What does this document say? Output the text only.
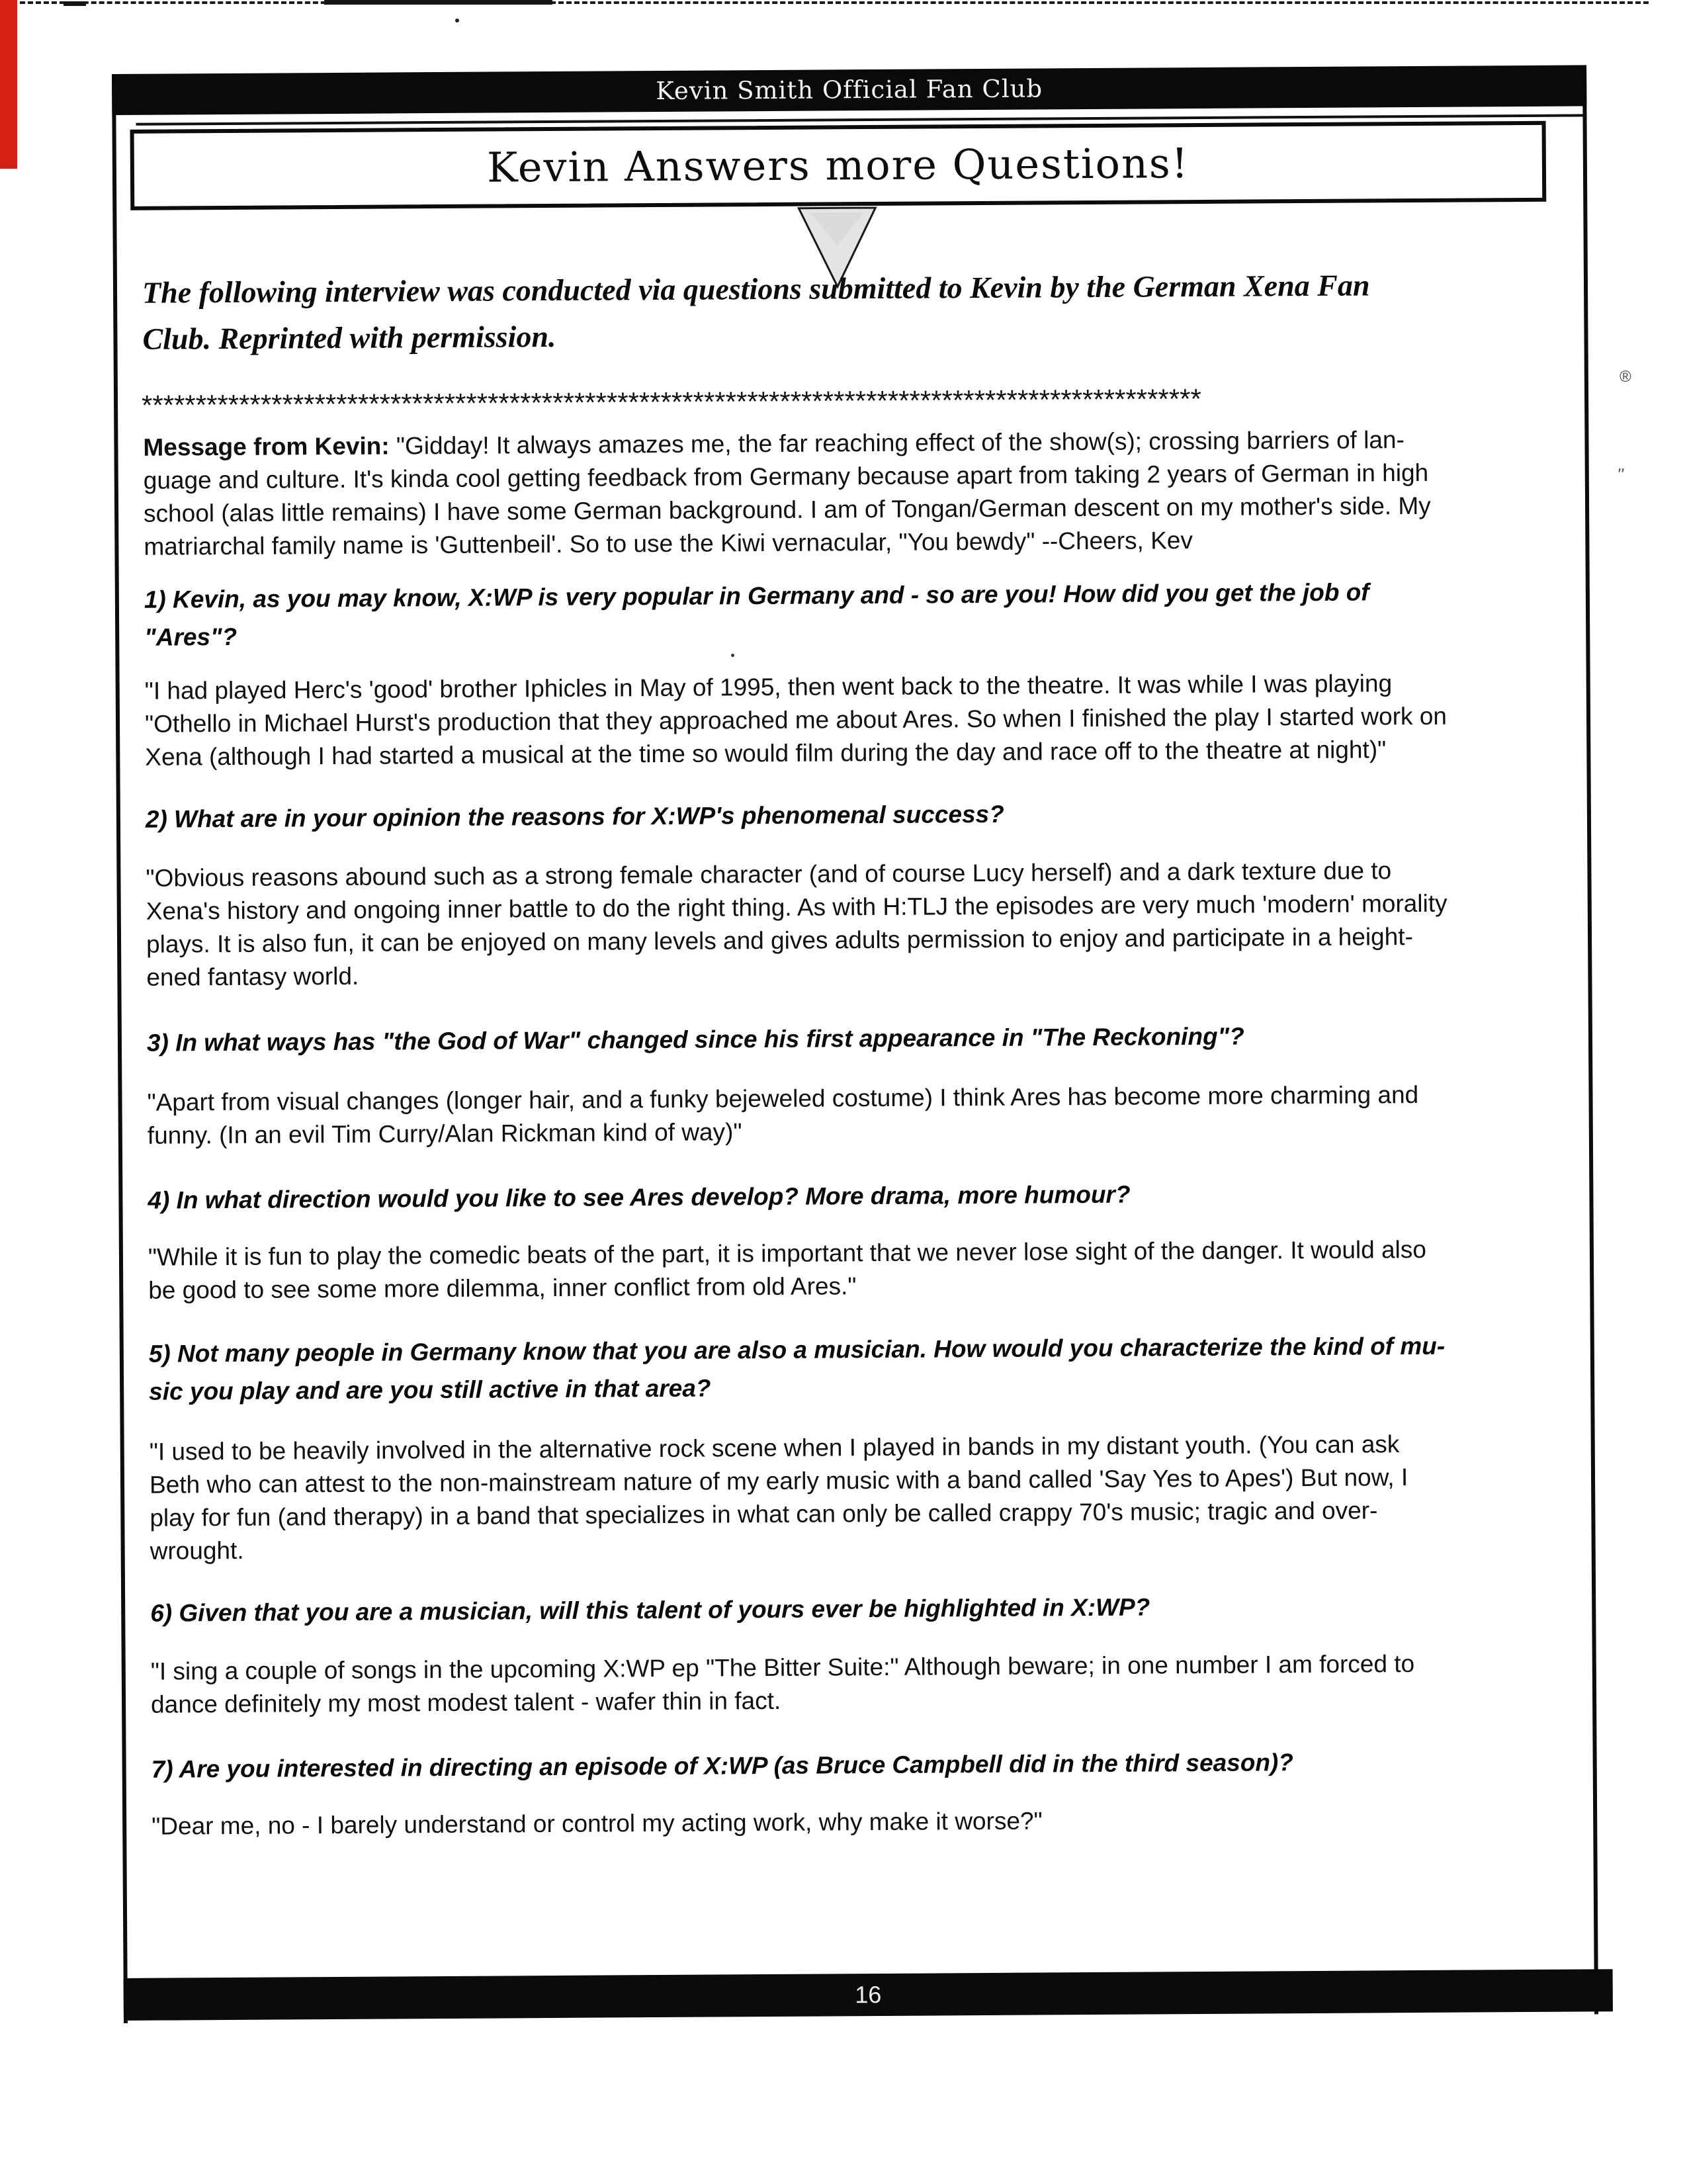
®
''
Kevin Smith Official Fan Club
Kevin Answers more Questions!
The following interview was conducted via questions submitted to Kevin by the German Xena Fan
Club. Reprinted with permission.
**************************************************************************************************
Message from Kevin: "Gidday! It always amazes me, the far reaching effect of the show(s); crossing barriers of lan-
guage and culture. It's kinda cool getting feedback from Germany because apart from taking 2 years of German in high
school (alas little remains) I have some German background. I am of Tongan/German descent on my mother's side. My
matriarchal family name is 'Guttenbeil'. So to use the Kiwi vernacular, "You bewdy" --Cheers, Kev
1) Kevin, as you may know, X:WP is very popular in Germany and - so are you! How did you get the job of
"Ares"?
"I had played Herc's 'good' brother Iphicles in May of 1995, then went back to the theatre. It was while I was playing
"Othello in Michael Hurst's production that they approached me about Ares. So when I finished the play I started work on
Xena (although I had started a musical at the time so would film during the day and race off to the theatre at night)"
2) What are in your opinion the reasons for X:WP's phenomenal success?
"Obvious reasons abound such as a strong female character (and of course Lucy herself) and a dark texture due to
Xena's history and ongoing inner battle to do the right thing. As with H:TLJ the episodes are very much 'modern' morality
plays. It is also fun, it can be enjoyed on many levels and gives adults permission to enjoy and participate in a height-
ened fantasy world.
3) In what ways has "the God of War" changed since his first appearance in "The Reckoning"?
"Apart from visual changes (longer hair, and a funky bejeweled costume) I think Ares has become more charming and
funny. (In an evil Tim Curry/Alan Rickman kind of way)"
4) In what direction would you like to see Ares develop? More drama, more humour?
"While it is fun to play the comedic beats of the part, it is important that we never lose sight of the danger. It would also
be good to see some more dilemma, inner conflict from old Ares."
5) Not many people in Germany know that you are also a musician. How would you characterize the kind of mu-
sic you play and are you still active in that area?
"I used to be heavily involved in the alternative rock scene when I played in bands in my distant youth. (You can ask
Beth who can attest to the non-mainstream nature of my early music with a band called 'Say Yes to Apes') But now, I
play for fun (and therapy) in a band that specializes in what can only be called crappy 70's music; tragic and over-
wrought.
6) Given that you are a musician, will this talent of yours ever be highlighted in X:WP?
"I sing a couple of songs in the upcoming X:WP ep "The Bitter Suite:" Although beware; in one number I am forced to
dance definitely my most modest talent - wafer thin in fact.
7) Are you interested in directing an episode of X:WP (as Bruce Campbell did in the third season)?
"Dear me, no - I barely understand or control my acting work, why make it worse?"
16
